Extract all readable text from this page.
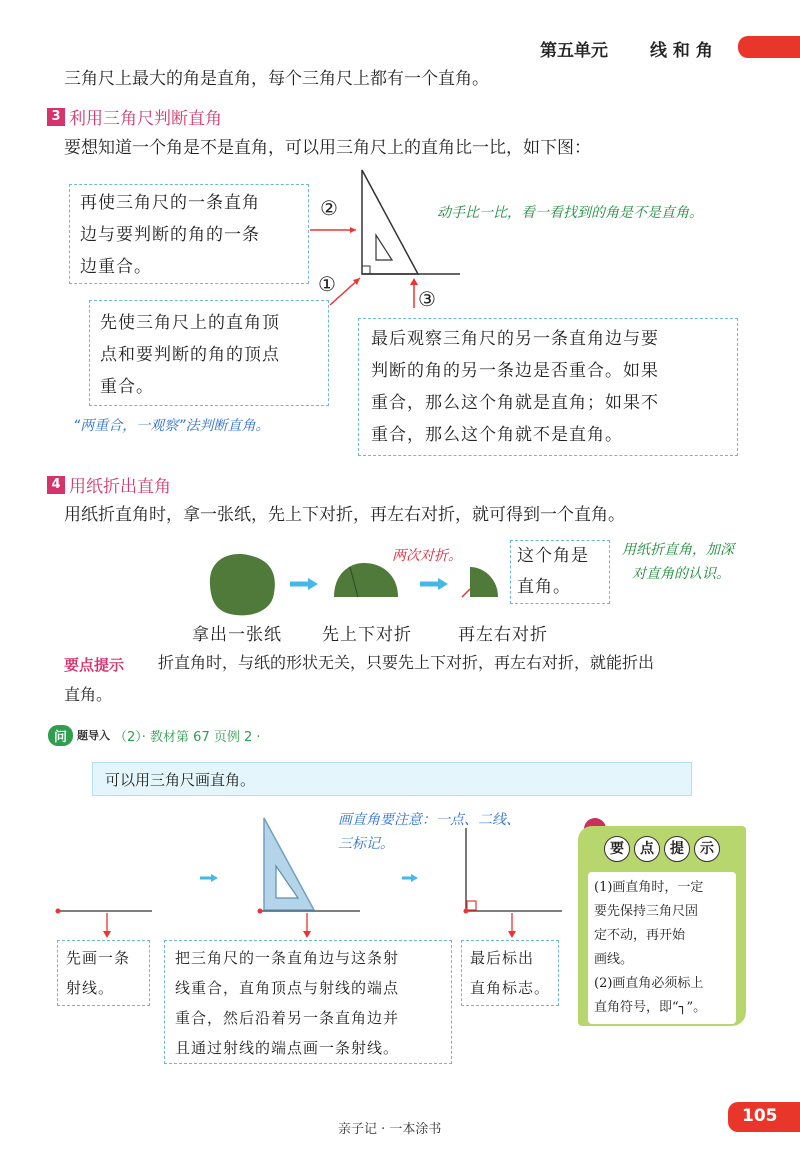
第五单元 线 和 角
三角尺上最大的角是直角，每个三角尺上都有一个直角。
3 利用三角尺判断直角
要想知道一个角是不是直角，可以用三角尺上的直角比一比，如下图：
再使三角尺的一条直角
边与要判断的角的一条
边重合。
②
①
③
动手比一比，看一看找到的角是不是直角。
先使三角尺上的直角顶
点和要判断的角的顶点
重合。
最后观察三角尺的另一条直角边与要
判断的角的另一条边是否重合。如果
重合，那么这个角就是直角；如果不
重合，那么这个角就不是直角。
“两重合，一观察”法判断直角。
4 用纸折出直角
用纸折直角时，拿一张纸，先上下对折，再左右对折，就可得到一个直角。
两次对折。	这个角是
直角。
用纸折直角，加深
对直角的认识。
拿出一张纸 先上下对折	再左右对折
要点提示 折直角时，与纸的形状无关，只要先上下对折，再左右对折，就能折出
直角。
问 题导入 （2）· 教材第 67 页例 2 ·
可以用三角尺画直角。
画直角要注意：一点、二线、
三标记。
先画一条
射线。
把三角尺的一条直角边与这条射
线重合，直角顶点与射线的端点
重合，然后沿着另一条直角边并
且通过射线的端点画一条射线。
最后标出
直角标志。
要	点	提	示
(1)画直角时，一定
要先保持三角尺固
定不动，再开始
画线。
(2)画直角必须标上
直角符号，即“┐”。
亲子记 · 一本涂书
105
